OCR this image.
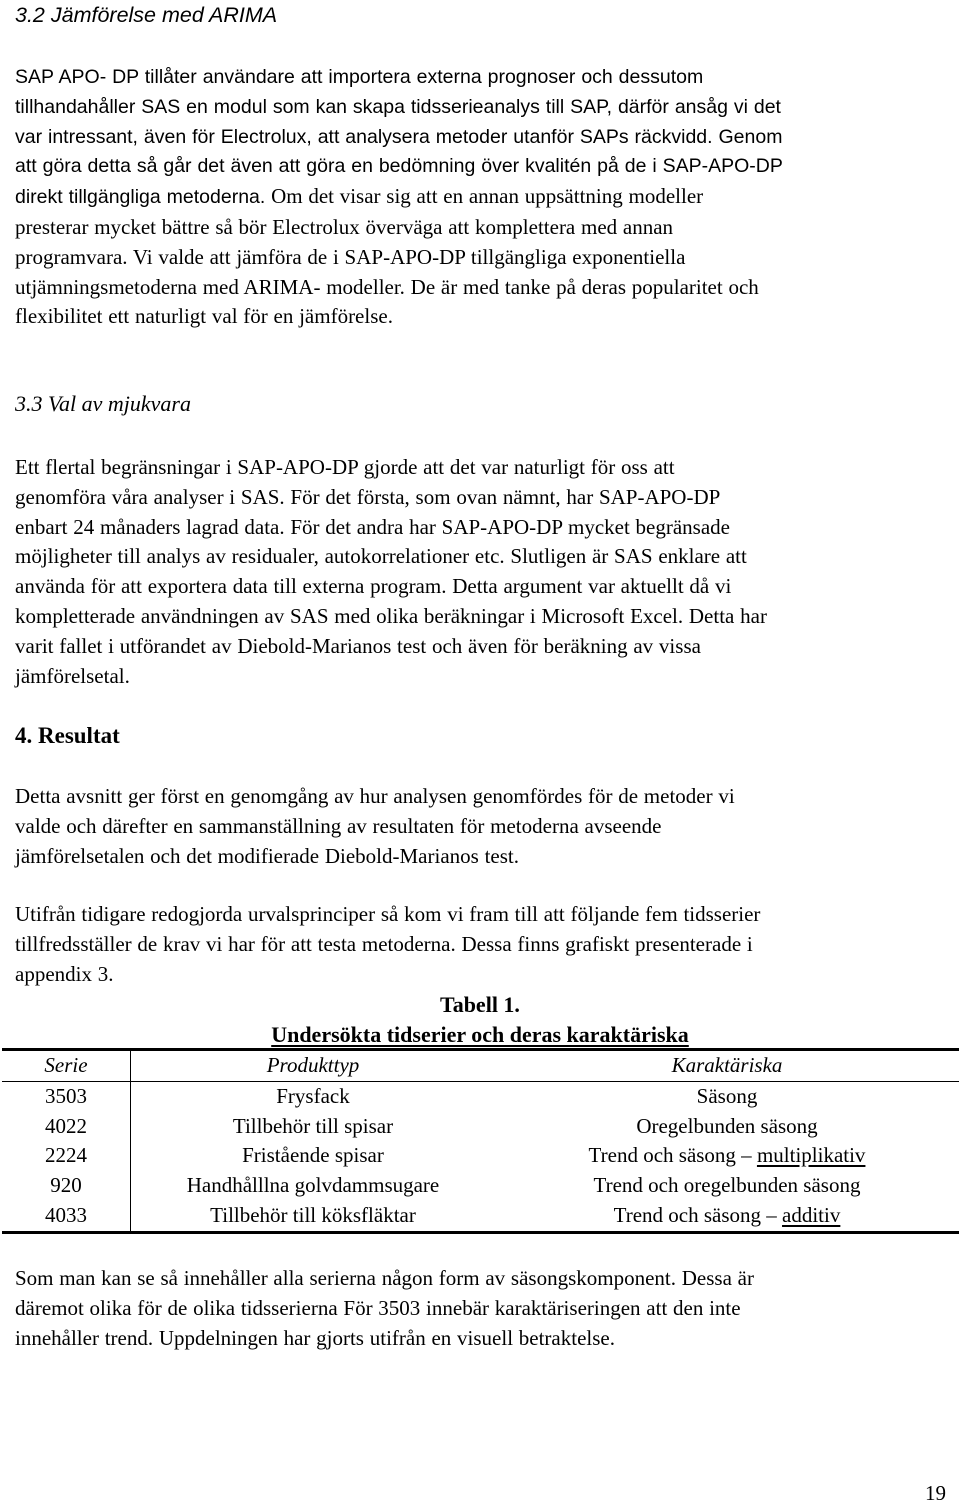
3.2 Jämförelse med ARIMA
SAP APO- DP tillåter användare att importera externa prognoser och dessutom
tillhandahåller SAS en modul som kan skapa tidsserieanalys till SAP, därför ansåg vi det
var intressant, även för Electrolux, att analysera metoder utanför SAPs räckvidd. Genom
att göra detta så går det även att göra en bedömning över kvalitén på de i SAP-APO-DP
direkt tillgängliga metoderna. Om det visar sig att en annan uppsättning modeller
presterar mycket bättre så bör Electrolux överväga att komplettera med annan
programvara. Vi valde att jämföra de i SAP-APO-DP tillgängliga exponentiella
utjämningsmetoderna med ARIMA- modeller. De är med tanke på deras popularitet och
flexibilitet ett naturligt val för en jämförelse.
3.3 Val av mjukvara
Ett flertal begränsningar i SAP-APO-DP gjorde att det var naturligt för oss att
genomföra våra analyser i SAS. För det första, som ovan nämnt, har SAP-APO-DP
enbart 24 månaders lagrad data. För det andra har SAP-APO-DP mycket begränsade
möjligheter till analys av residualer, autokorrelationer etc. Slutligen är SAS enklare att
använda för att exportera data till externa program. Detta argument var aktuellt då vi
kompletterade användningen av SAS med olika beräkningar i Microsoft Excel. Detta har
varit fallet i utförandet av Diebold-Marianos test och även för beräkning av vissa
jämförelsetal.
4. Resultat
Detta avsnitt ger först en genomgång av hur analysen genomfördes för de metoder vi
valde och därefter en sammanställning av resultaten för metoderna avseende
jämförelsetalen och det modifierade Diebold-Marianos test.
Utifrån tidigare redogjorda urvalsprinciper så kom vi fram till att följande fem tidsserier
tillfredsställer de krav vi har för att testa metoderna. Dessa finns grafiskt presenterade i
appendix 3.
Tabell 1.
Undersökta tidserier och deras karaktäriska
Serie	Produkttyp	Karaktäriska
3503	Frysfack	Säsong
4022	Tillbehör till spisar	Oregelbunden säsong
2224	Fristående spisar	Trend och säsong – multiplikativ
920	Handhålllna golvdammsugare	Trend och oregelbunden säsong
4033	Tillbehör till köksfläktar	Trend och säsong – additiv
Som man kan se så innehåller alla serierna någon form av säsongskomponent. Dessa är
däremot olika för de olika tidsserierna För 3503 innebär karaktäriseringen att den inte
innehåller trend. Uppdelningen har gjorts utifrån en visuell betraktelse.
19
